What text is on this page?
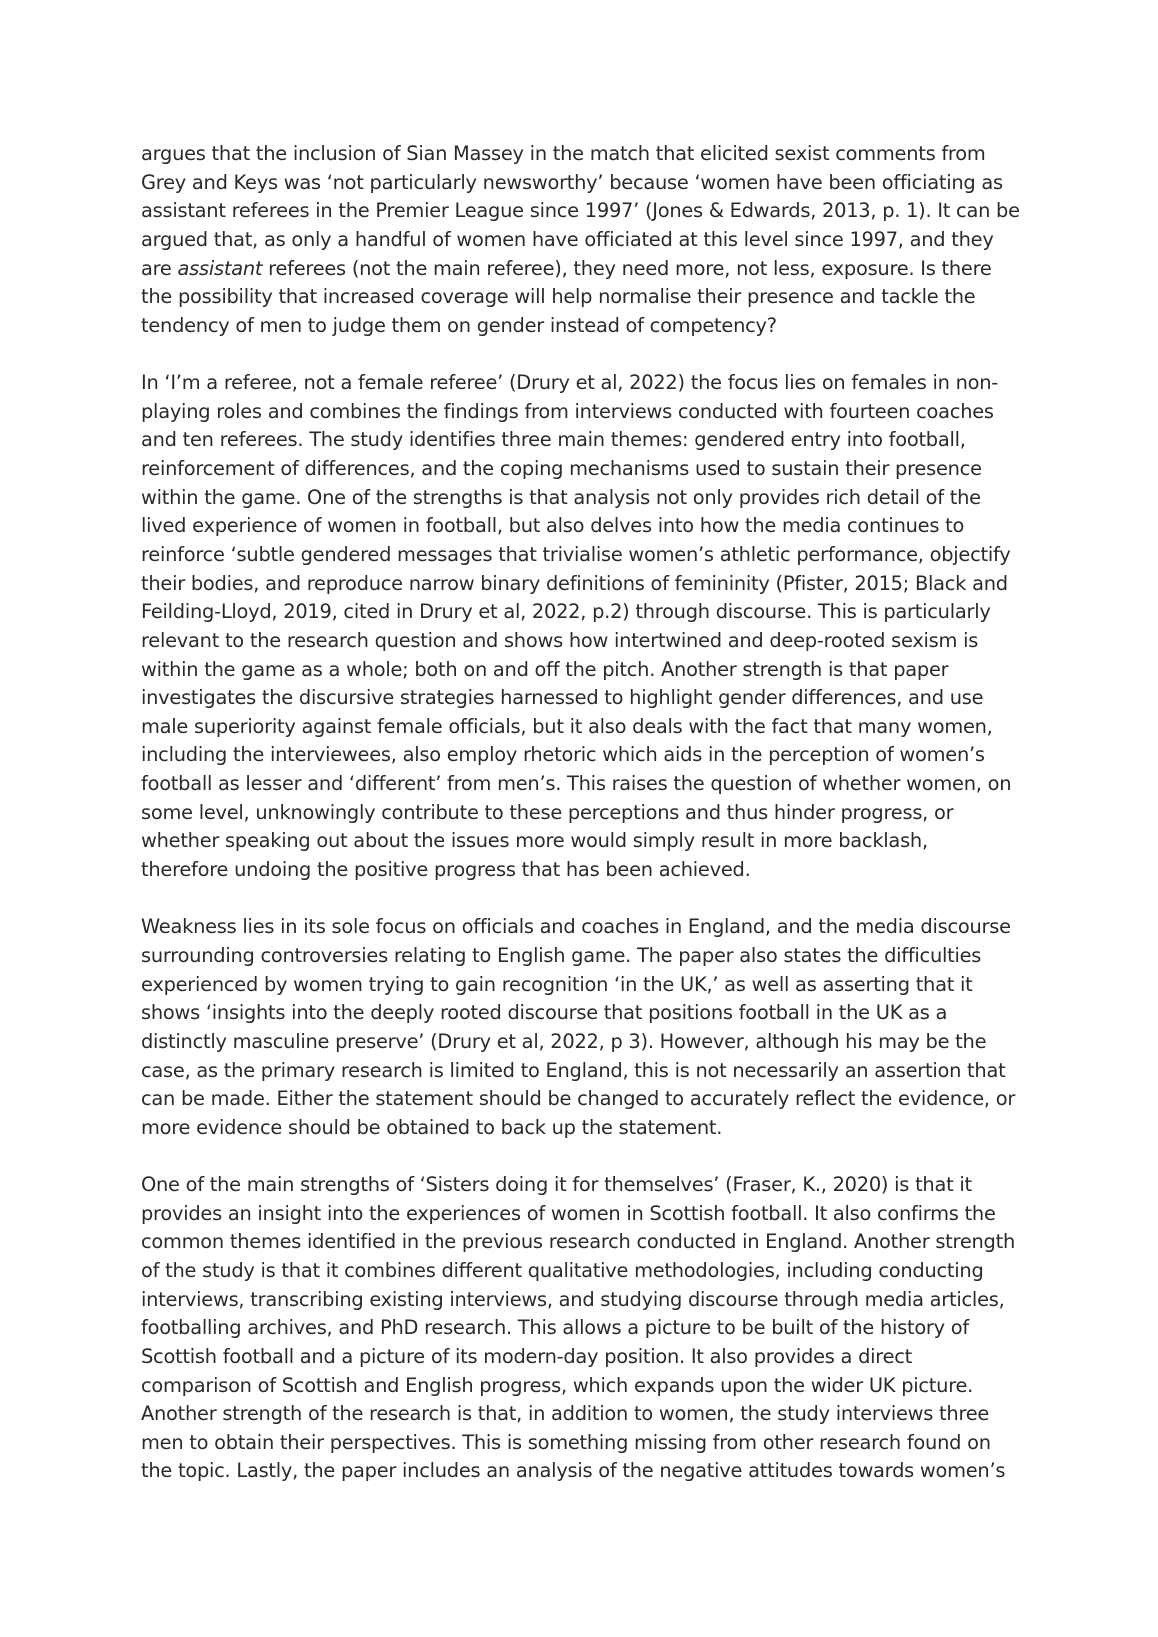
argues that the inclusion of Sian Massey in the match that elicited sexist comments from
Grey and Keys was ‘not particularly newsworthy’ because ‘women have been officiating as
assistant referees in the Premier League since 1997’ (Jones & Edwards, 2013, p. 1). It can be
argued that, as only a handful of women have officiated at this level since 1997, and they
are assistant referees (not the main referee), they need more, not less, exposure. Is there
the possibility that increased coverage will help normalise their presence and tackle the
tendency of men to judge them on gender instead of competency?
In ‘I’m a referee, not a female referee’ (Drury et al, 2022) the focus lies on females in non-
playing roles and combines the findings from interviews conducted with fourteen coaches
and ten referees. The study identifies three main themes: gendered entry into football,
reinforcement of differences, and the coping mechanisms used to sustain their presence
within the game. One of the strengths is that analysis not only provides rich detail of the
lived experience of women in football, but also delves into how the media continues to
reinforce ‘subtle gendered messages that trivialise women’s athletic performance, objectify
their bodies, and reproduce narrow binary definitions of femininity (Pfister, 2015; Black and
Feilding-Lloyd, 2019, cited in Drury et al, 2022, p.2) through discourse. This is particularly
relevant to the research question and shows how intertwined and deep-rooted sexism is
within the game as a whole; both on and off the pitch. Another strength is that paper
investigates the discursive strategies harnessed to highlight gender differences, and use
male superiority against female officials, but it also deals with the fact that many women,
including the interviewees, also employ rhetoric which aids in the perception of women’s
football as lesser and ‘different’ from men’s. This raises the question of whether women, on
some level, unknowingly contribute to these perceptions and thus hinder progress, or
whether speaking out about the issues more would simply result in more backlash,
therefore undoing the positive progress that has been achieved.
Weakness lies in its sole focus on officials and coaches in England, and the media discourse
surrounding controversies relating to English game. The paper also states the difficulties
experienced by women trying to gain recognition ‘in the UK,’ as well as asserting that it
shows ‘insights into the deeply rooted discourse that positions football in the UK as a
distinctly masculine preserve’ (Drury et al, 2022, p 3). However, although his may be the
case, as the primary research is limited to England, this is not necessarily an assertion that
can be made. Either the statement should be changed to accurately reflect the evidence, or
more evidence should be obtained to back up the statement.
One of the main strengths of ‘Sisters doing it for themselves’ (Fraser, K., 2020) is that it
provides an insight into the experiences of women in Scottish football. It also confirms the
common themes identified in the previous research conducted in England. Another strength
of the study is that it combines different qualitative methodologies, including conducting
interviews, transcribing existing interviews, and studying discourse through media articles,
footballing archives, and PhD research. This allows a picture to be built of the history of
Scottish football and a picture of its modern-day position. It also provides a direct
comparison of Scottish and English progress, which expands upon the wider UK picture.
Another strength of the research is that, in addition to women, the study interviews three
men to obtain their perspectives. This is something missing from other research found on
the topic. Lastly, the paper includes an analysis of the negative attitudes towards women’s
